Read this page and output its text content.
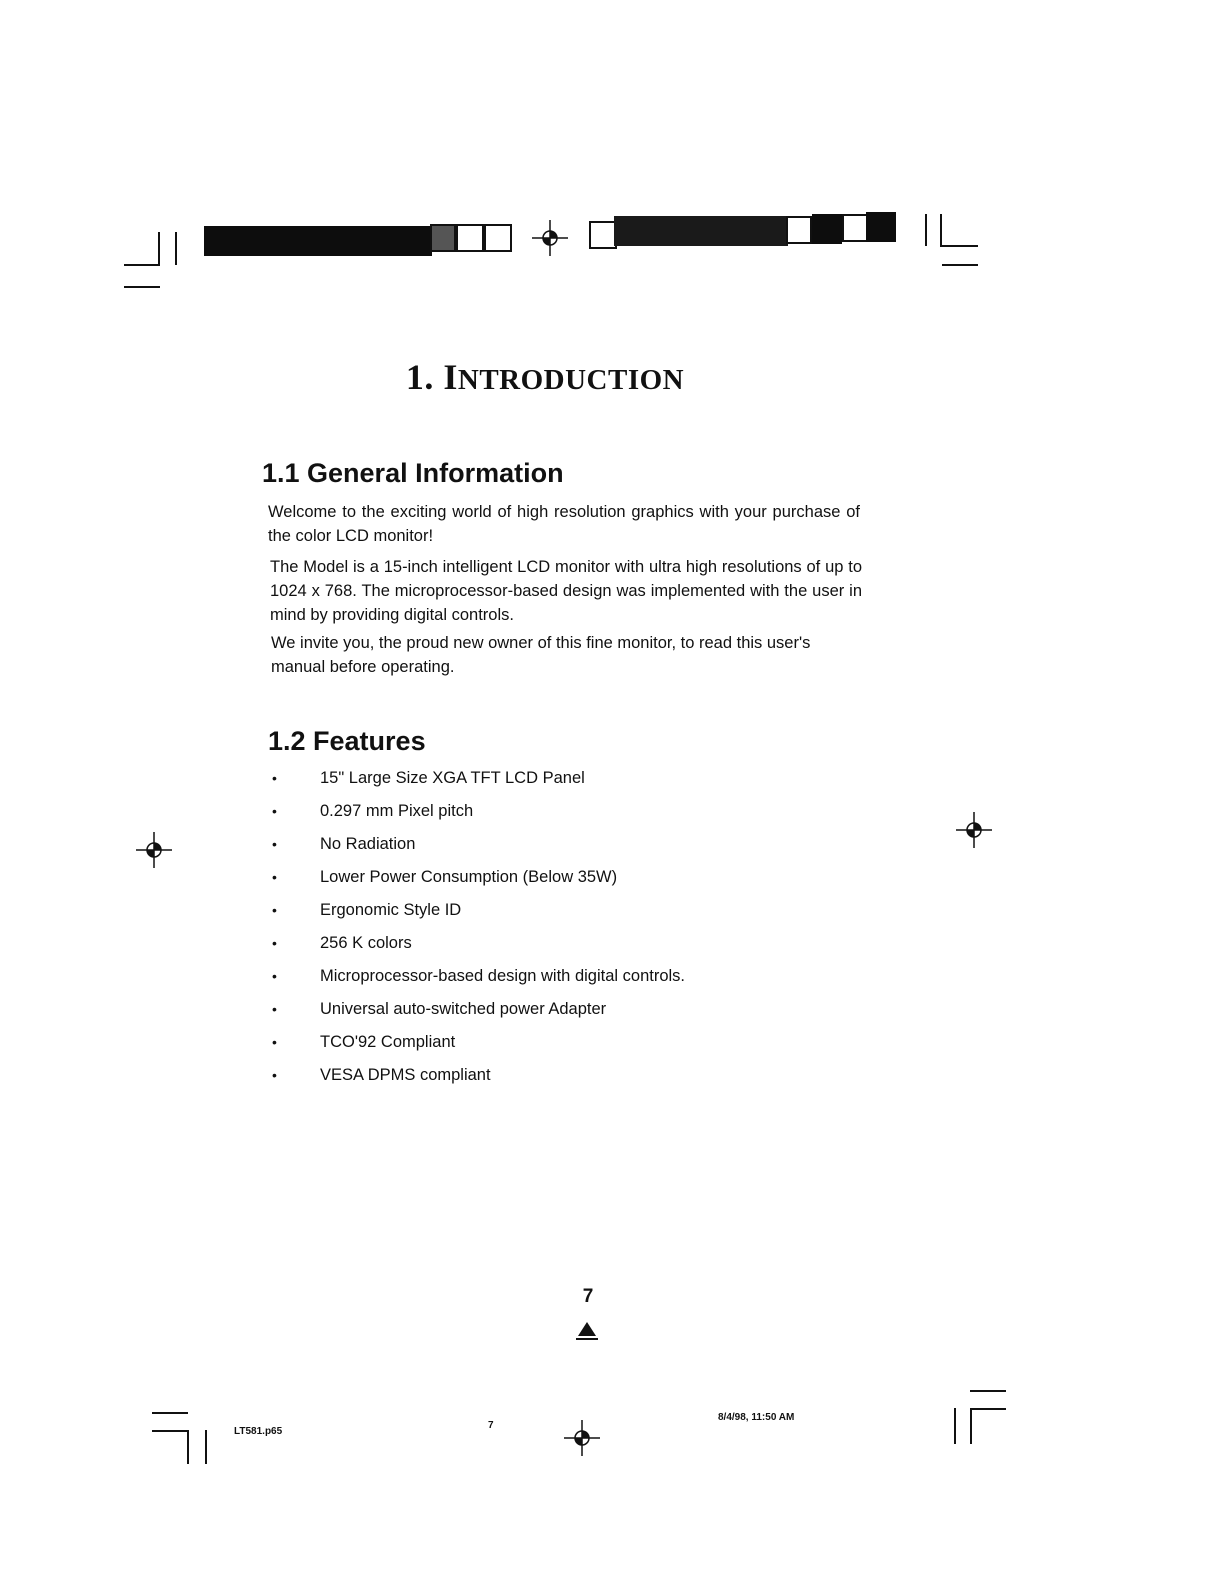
1. INTRODUCTION
1.1 General Information

Welcome to the exciting world of high resolution graphics with your purchase of the color LCD monitor!

The Model is a 15-inch intelligent LCD monitor with ultra high resolutions of up to 1024 x 768. The microprocessor-based design was implemented with the user in mind by providing digital controls.

We invite you, the proud new owner of this fine monitor, to read this user's manual before operating.

1.2 Features
•	15" Large Size XGA TFT LCD Panel
•	0.297 mm Pixel pitch
•	No Radiation
•	Lower Power Consumption (Below 35W)
•	Ergonomic Style ID
•	256 K colors
•	Microprocessor-based design with digital controls.
•	Universal auto-switched power Adapter
•	TCO'92 Compliant
•	VESA DPMS compliant
7
LT581.p65
7
8/4/98, 11:50 AM
